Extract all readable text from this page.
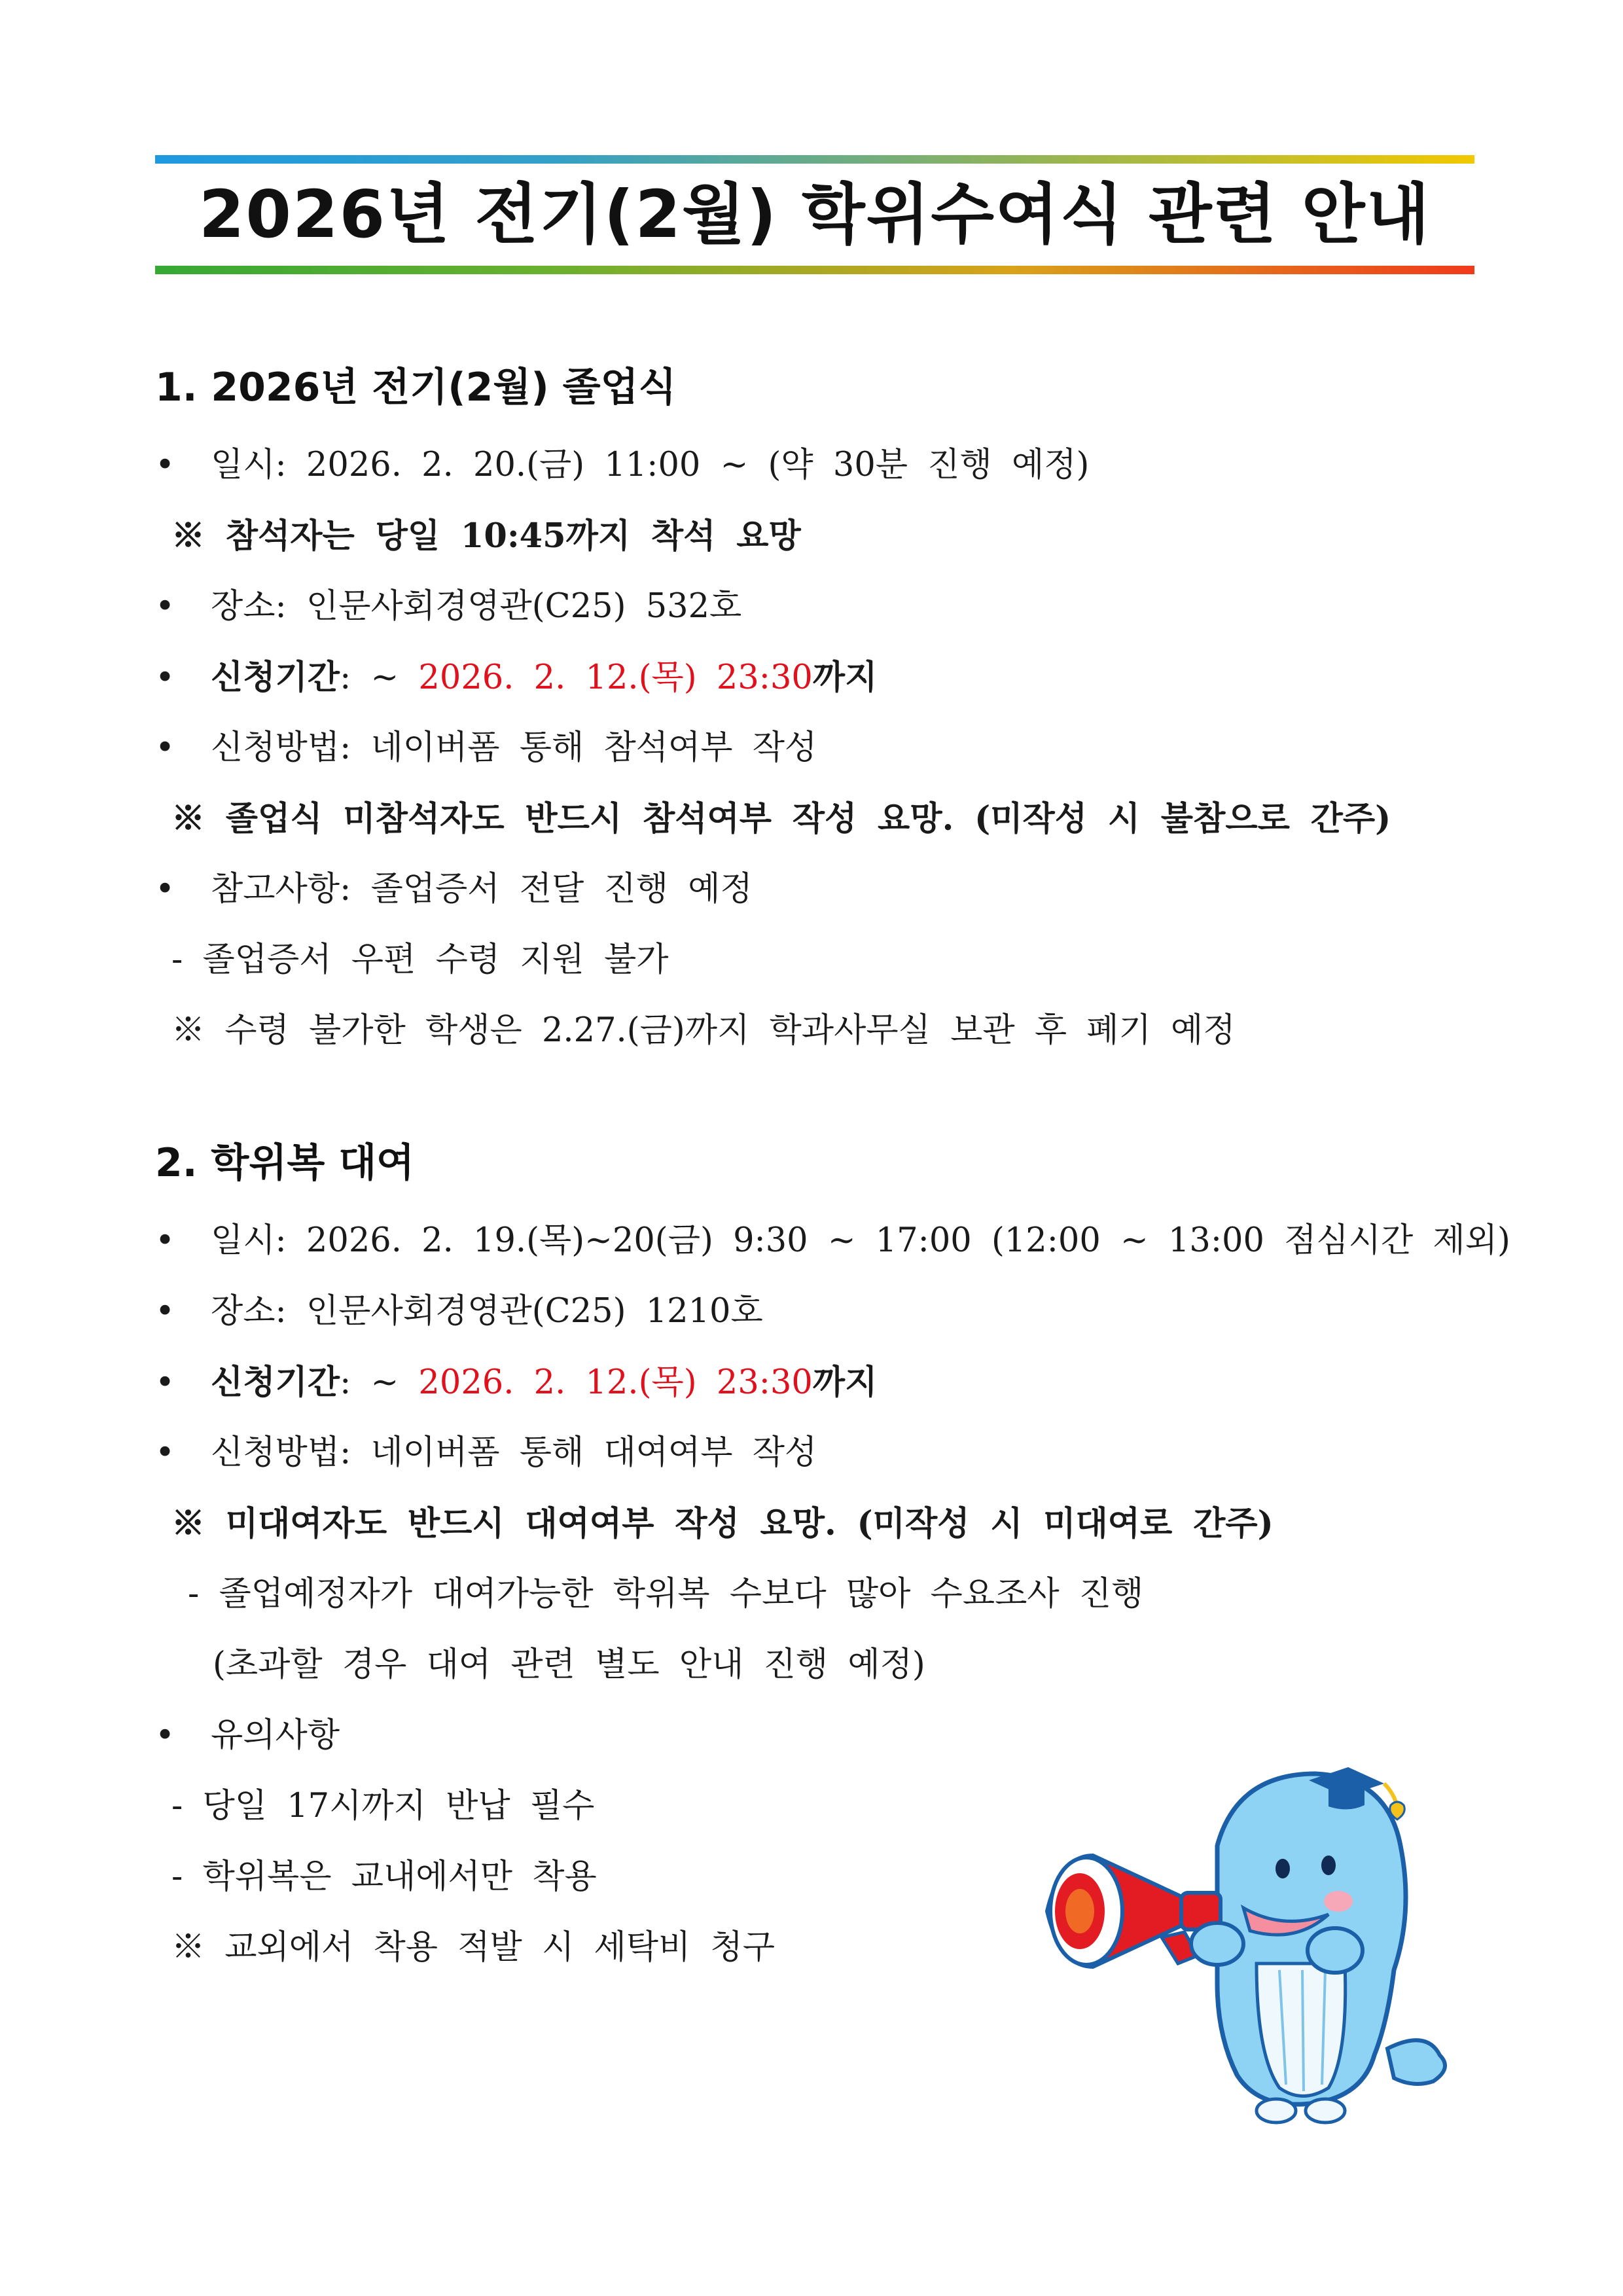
2026년 전기(2월) 학위수여식 관련 안내
1. 2026년 전기(2월) 졸업식
• 일시: 2026. 2. 20.(금) 11:00 ~ (약 30분 진행 예정)
※ 참석자는 당일 10:45까지 착석 요망
• 장소: 인문사회경영관(C25) 532호
• 신청기간: ~ 2026. 2. 12.(목) 23:30까지
• 신청방법: 네이버폼 통해 참석여부 작성
※ 졸업식 미참석자도 반드시 참석여부 작성 요망. (미작성 시 불참으로 간주)
• 참고사항: 졸업증서 전달 진행 예정
- 졸업증서 우편 수령 지원 불가
※ 수령 불가한 학생은 2.27.(금)까지 학과사무실 보관 후 폐기 예정
2. 학위복 대여
• 일시: 2026. 2. 19.(목)~20(금) 9:30 ~ 17:00 (12:00 ~ 13:00 점심시간 제외)
• 장소: 인문사회경영관(C25) 1210호
• 신청기간: ~ 2026. 2. 12.(목) 23:30까지
• 신청방법: 네이버폼 통해 대여여부 작성
※ 미대여자도 반드시 대여여부 작성 요망. (미작성 시 미대여로 간주)
- 졸업예정자가 대여가능한 학위복 수보다 많아 수요조사 진행
(초과할 경우 대여 관련 별도 안내 진행 예정)
• 유의사항
- 당일 17시까지 반납 필수
- 학위복은 교내에서만 착용
※ 교외에서 착용 적발 시 세탁비 청구
